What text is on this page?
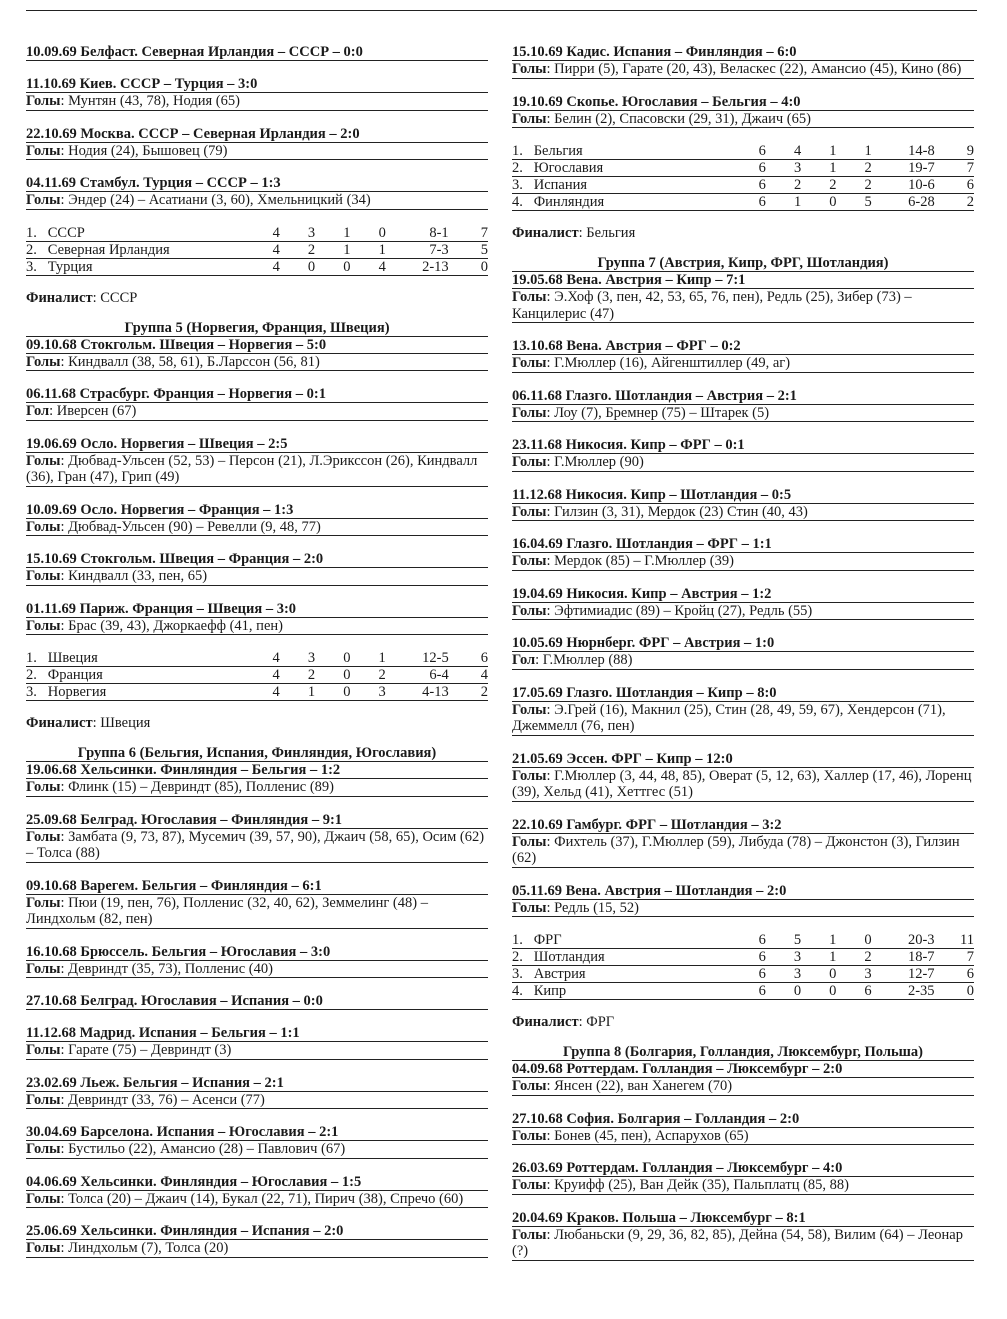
10.09.69 Белфаст. Северная Ирландия – СССР – 0:0
11.10.69 Киев. СССР – Турция – 3:0
Голы: Мунтян (43, 78), Нодия (65)
22.10.69 Москва. СССР – Северная Ирландия – 2:0
Голы: Нодия (24), Бышовец (79)
04.11.69 Стамбул. Турция – СССР – 1:3
Голы: Эндер (24) – Асатиани (3, 60), Хмельницкий (34)
1.	СССР	4	3	1	0	8-1	7
2.	Северная Ирландия	4	2	1	1	7-3	5
3.	Турция	4	0	0	4	2-13	0
Финалист: СССР
Группа 5 (Норвегия, Франция, Швеция)
09.10.68 Стокгольм. Швеция – Норвегия – 5:0
Голы: Киндвалл (38, 58, 61), Б.Ларссон (56, 81)
06.11.68 Страсбург. Франция – Норвегия – 0:1
Гол: Иверсен (67)
19.06.69 Осло. Норвегия – Швеция – 2:5
Голы: Дюбвад-Ульсен (52, 53) – Персон (21), Л.Эриксcон (26), Киндвалл (36), Гран (47), Грип (49)
10.09.69 Осло. Норвегия – Франция – 1:3
Голы: Дюбвад-Ульсен (90) – Ревелли (9, 48, 77)
15.10.69 Стокгольм. Швеция – Франция – 2:0
Голы: Киндвалл (33, пен, 65)
01.11.69 Париж. Франция – Швеция – 3:0
Голы: Брас (39, 43), Джоркаефф (41, пен)
1.	Швеция	4	3	0	1	12-5	6
2.	Франция	4	2	0	2	6-4	4
3.	Норвегия	4	1	0	3	4-13	2
Финалист: Швеция
Группа 6 (Бельгия, Испания, Финляндия, Югославия)
19.06.68 Хельсинки. Финляндия – Бельгия – 1:2
Голы: Флинк (15) – Девриндт (85), Полленис (89)
25.09.68 Белград. Югославия – Финляндия – 9:1
Голы: Замбата (9, 73, 87), Мусемич (39, 57, 90), Джаич (58, 65), Осим (62) – Толса (88)
09.10.68 Варегем. Бельгия – Финляндия – 6:1
Голы: Пюи (19, пен, 76), Полленис (32, 40, 62), Земмелинг (48) – Линдхольм (82, пен)
16.10.68 Брюссель. Бельгия – Югославия – 3:0
Голы: Девриндт (35, 73), Полленис (40)
27.10.68 Белград. Югославия – Испания – 0:0
11.12.68 Мадрид. Испания – Бельгия – 1:1
Голы: Гарате (75) – Девриндт (3)
23.02.69 Льеж. Бельгия – Испания – 2:1
Голы: Девриндт (33, 76) – Асенси (77)
30.04.69 Барселона. Испания – Югославия – 2:1
Голы: Бустильо (22), Амансио (28) – Павлович (67)
04.06.69 Хельсинки. Финляндия – Югославия – 1:5
Голы: Толса (20) – Джаич (14), Букал (22, 71), Пирич (38), Спречо (60)
25.06.69 Хельсинки. Финляндия – Испания – 2:0
Голы: Линдхольм (7), Толса (20)
15.10.69 Кадис. Испания – Финляндия – 6:0
Голы: Пирри (5), Гарате (20, 43), Веласкес (22), Амансио (45), Кино (86)
19.10.69 Скопье. Югославия – Бельгия – 4:0
Голы: Белин (2), Спасовски (29, 31), Джаич (65)
1.	Бельгия	6	4	1	1	14-8	9
2.	Югославия	6	3	1	2	19-7	7
3.	Испания	6	2	2	2	10-6	6
4.	Финляндия	6	1	0	5	6-28	2
Финалист: Бельгия
Группа 7 (Австрия, Кипр, ФРГ, Шотландия)
19.05.68 Вена. Австрия – Кипр – 7:1
Голы: Э.Хоф (3, пен, 42, 53, 65, 76, пен), Редль (25), Зибер (73) – Канцилерис (47)
13.10.68 Вена. Австрия – ФРГ – 0:2
Голы: Г.Мюллер (16), Айгенштиллер (49, аг)
06.11.68 Глазго. Шотландия – Австрия – 2:1
Голы: Лоу (7), Бремнер (75) – Штарек (5)
23.11.68 Никосия. Кипр – ФРГ – 0:1
Голы: Г.Мюллер (90)
11.12.68 Никосия. Кипр – Шотландия – 0:5
Голы: Гилзин (3, 31), Мердок (23) Стин (40, 43)
16.04.69 Глазго. Шотландия – ФРГ – 1:1
Голы: Мердок (85) – Г.Мюллер (39)
19.04.69 Никосия. Кипр – Австрия – 1:2
Голы: Эфтимиадис (89) – Кройц (27), Редль (55)
10.05.69 Нюрнберг. ФРГ – Австрия – 1:0
Гол: Г.Мюллер (88)
17.05.69 Глазго. Шотландия – Кипр – 8:0
Голы: Э.Грей (16), Макнил (25), Стин (28, 49, 59, 67), Хендерсон (71), Джеммелл (76, пен)
21.05.69 Эссен. ФРГ – Кипр – 12:0
Голы: Г.Мюллер (3, 44, 48, 85), Оверат (5, 12, 63), Халлер (17, 46), Лоренц (39), Хельд (41), Хеттгес (51)
22.10.69 Гамбург. ФРГ – Шотландия – 3:2
Голы: Фихтель (37), Г.Мюллер (59), Либуда (78) – Джонстон (3), Гилзин (62)
05.11.69 Вена. Австрия – Шотландия – 2:0
Голы: Редль (15, 52)
1.	ФРГ	6	5	1	0	20-3	11
2.	Шотландия	6	3	1	2	18-7	7
3.	Австрия	6	3	0	3	12-7	6
4.	Кипр	6	0	0	6	2-35	0
Финалист: ФРГ
Группа 8 (Болгария, Голландия, Люксембург, Польша)
04.09.68 Роттердам. Голландия – Люксембург – 2:0
Голы: Янсен (22), ван Ханегем (70)
27.10.68 София. Болгария – Голландия – 2:0
Голы: Бонев (45, пен), Аспарухов (65)
26.03.69 Роттердам. Голландия – Люксембург – 4:0
Голы: Круифф (25), Ван Дейк (35), Пальплатц (85, 88)
20.04.69 Краков. Польша – Люксембург – 8:1
Голы: Любаньски (9, 29, 36, 82, 85), Дейна (54, 58), Вилим (64) – Леонар (?)
